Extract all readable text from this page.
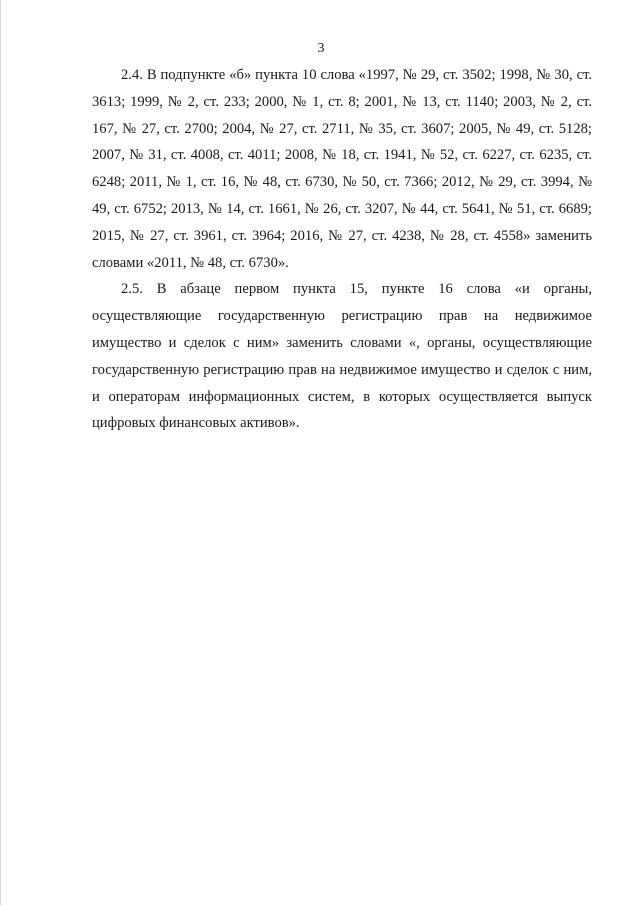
3

2.4. В подпункте «б» пункта 10 слова «1997, № 29, ст. 3502; 1998, № 30, ст. 3613; 1999, № 2, ст. 233; 2000, № 1, ст. 8; 2001, № 13, ст. 1140; 2003, № 2, ст. 167, № 27, ст. 2700; 2004, № 27, ст. 2711, № 35, ст. 3607; 2005, № 49, ст. 5128; 2007, № 31, ст. 4008, ст. 4011; 2008, № 18, ст. 1941, № 52, ст. 6227, ст. 6235, ст. 6248; 2011, № 1, ст. 16, № 48, ст. 6730, № 50, ст. 7366; 2012, № 29, ст. 3994, № 49, ст. 6752; 2013, № 14, ст. 1661, № 26, ст. 3207, № 44, ст. 5641, № 51, ст. 6689; 2015, № 27, ст. 3961, ст. 3964; 2016, № 27, ст. 4238, № 28, ст. 4558» заменить словами «2011, № 48, ст. 6730».

2.5. В абзаце первом пункта 15, пункте 16 слова «и органы, осуществляющие государственную регистрацию прав на недвижимое имущество и сделок с ним» заменить словами «, органы, осуществляющие государственную регистрацию прав на недвижимое имущество и сделок с ним, и операторам информационных систем, в которых осуществляется выпуск цифровых финансовых активов».
